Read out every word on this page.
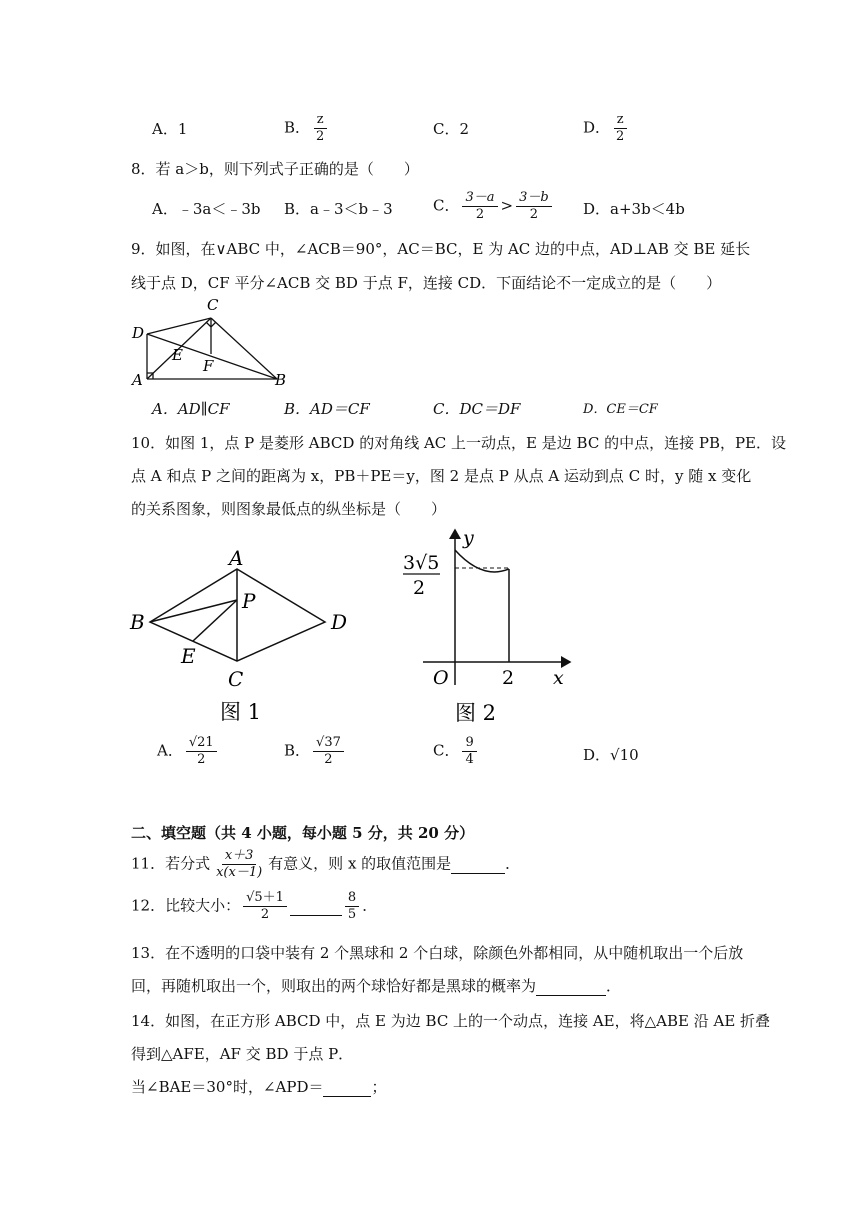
A．1	B． $\frac{z}{2}$	C．2	D． $\frac{z}{2}$
8．若 a＞b，则下列式子正确的是（　　）
A．﹣3a＜﹣3b B．a﹣3＜b﹣3	C． $\frac{3-a}{2} > \frac{3-b}{2}$ D．a+3b＜4b
9．如图，在∨ABC 中，∠ACB＝90°，AC＝BC，E 为 AC 边的中点，AD⊥AB 交 BE 延长
线于点 D，CF 平分∠ACB 交 BD 于点 F，连接 CD．下面结论不一定成立的是（　　）
C
D
E
F
A	B
A．AD∥CF	B．AD＝CF	C．DC＝DF	D．CE＝CF
10．如图 1，点 P 是菱形 ABCD 的对角线 AC 上一动点，E 是边 BC 的中点，连接 PB，PE．设
点 A 和点 P 之间的距离为 x，PB＋PE＝y，图 2 是点 P 从点 A 运动到点 C 时，y 随 x 变化
的关系图象，则图象最低点的纵坐标是（　　）
A
B	D
C
E
P
图 1
y
x
O	2
3√5
2
图 2
A． $\frac{√21}{2}$	B． $\frac{√37}{2}$	C． $\frac{9}{4}$	D．√10
二、填空题（共 4 小题，每小题 5 分，共 20 分）
11．若分式 $\frac{x+3}{x(x-1)}$ 有意义，则 x 的取值范围是	．
12．比较大小： $\frac{√5+1}{2}$
	$\frac{8}{5}$ ．
13．在不透明的口袋中装有 2 个黑球和 2 个白球，除颜色外都相同，从中随机取出一个后放
回，再随机取出一个，则取出的两个球恰好都是黑球的概率为	．
14．如图，在正方形 ABCD 中，点 E 为边 BC 上的一个动点，连接 AE，将△ABE 沿 AE 折叠
得到△AFE，AF 交 BD 于点 P．
当∠BAE＝30°时，∠APD＝	；
